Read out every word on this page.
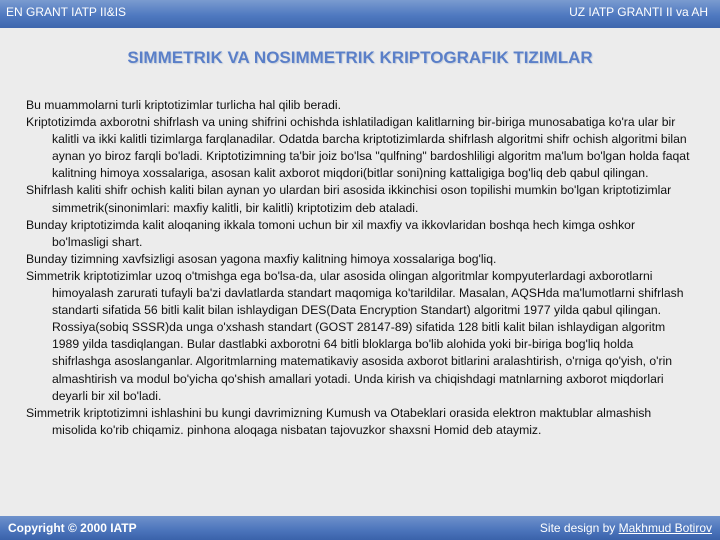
EN GRANT IATP II&IS	UZ IATP GRANTI II va AH
SIMMETRIK VA NOSIMMETRIK KRIPTOGRAFIK TIZIMLAR

Bu muammolarni turli kriptotizimlar turlicha hal qilib beradi.

Kriptotizimda axborotni shifrlash va uning shifrini ochishda ishlatiladigan kalitlarning bir-biriga munosabatiga ko'ra ular bir kalitli va ikki kalitli tizimlarga farqlanadilar. Odatda barcha kriptotizimlarda shifrlash algoritmi shifr ochish algoritmi bilan aynan yo biroz farqli bo'ladi. Kriptotizimning ta'bir joiz bo'lsa "qulfning" bardoshliligi algoritm ma'lum bo'lgan holda faqat kalitning himoya xossalariga, asosan kalit axborot miqdori(bitlar soni)ning kattaligiga bog'liq deb qabul qilingan.

Shifrlash kaliti shifr ochish kaliti bilan aynan yo ulardan biri asosida ikkinchisi oson topilishi mumkin bo'lgan kriptotizimlar simmetrik(sinonimlari: maxfiy kalitli, bir kalitli) kriptotizim deb ataladi.

Bunday kriptotizimda kalit aloqaning ikkala tomoni uchun bir xil maxfiy va ikkovlaridan boshqa hech kimga oshkor bo'lmasligi shart.

Bunday tizimning xavfsizligi asosan yagona maxfiy kalitning himoya xossalariga bog'liq.

Simmetrik kriptotizimlar uzoq o'tmishga ega bo'lsa-da, ular asosida olingan algoritmlar kompyuterlardagi axborotlarni himoyalash zarurati tufayli ba'zi davlatlarda standart maqomiga ko'tarildilar. Masalan, AQSHda ma'lumotlarni shifrlash standarti sifatida 56 bitli kalit bilan ishlaydigan DES(Data Encryption Standart) algoritmi 1977 yilda qabul qilingan. Rossiya(sobiq SSSR)da unga o'xshash standart (GOST 28147-89) sifatida 128 bitli kalit bilan ishlaydigan algoritm 1989 yilda tasdiqlangan. Bular dastlabki axborotni 64 bitli bloklarga bo'lib alohida yoki bir-biriga bog'liq holda shifrlashga asoslanganlar. Algoritmlarning matematikaviy asosida axborot bitlarini aralashtirish, o'rniga qo'yish, o'rin almashtirish va modul bo'yicha qo'shish amallari yotadi. Unda kirish va chiqishdagi matnlarning axborot miqdorlari deyarli bir xil bo'ladi.

Simmetrik kriptotizimni ishlashini bu kungi davrimizning Kumush va Otabeklari orasida elektron maktublar almashish misolida ko'rib chiqamiz. pinhona aloqaga nisbatan tajovuzkor shaxsni Homid deb ataymiz.

Copyright © 2000 IATP	Site design by Makhmud Botirov
